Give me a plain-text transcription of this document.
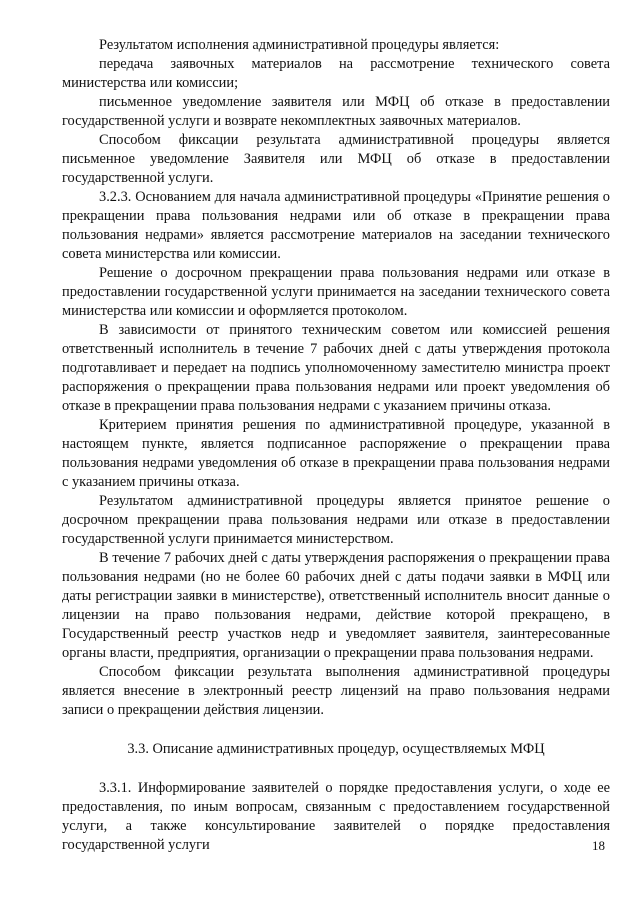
Результатом исполнения административной процедуры является:

передача заявочных материалов на рассмотрение технического совета министерства или комиссии;

письменное уведомление заявителя или МФЦ об отказе в предоставлении государственной услуги и возврате некомплектных заявочных материалов.

Способом фиксации результата административной процедуры является письменное уведомление Заявителя или МФЦ об отказе в предоставлении государственной услуги.

3.2.3. Основанием для начала административной процедуры «Принятие решения о прекращении права пользования недрами или об отказе в прекращении права пользования недрами» является рассмотрение материалов на заседании технического совета министерства или комиссии.

Решение о досрочном прекращении права пользования недрами или отказе в предоставлении государственной услуги принимается на заседании технического совета министерства или комиссии и оформляется протоколом.

В зависимости от принятого техническим советом или комиссией решения ответственный исполнитель в течение 7 рабочих дней с даты утверждения протокола подготавливает и передает на подпись уполномоченному заместителю министра проект распоряжения о прекращении права пользования недрами или проект уведомления об отказе в прекращении права пользования недрами с указанием причины отказа.

Критерием принятия решения по административной процедуре, указанной в настоящем пункте, является подписанное распоряжение о прекращении права пользования недрами уведомления об отказе в прекращении права пользования недрами с указанием причины отказа.

Результатом административной процедуры является принятое решение о досрочном прекращении права пользования недрами или отказе в предоставлении государственной услуги принимается министерством.

В течение 7 рабочих дней с даты утверждения распоряжения о прекращении права пользования недрами (но не более 60 рабочих дней с даты подачи заявки в МФЦ или даты регистрации заявки в министерстве), ответственный исполнитель вносит данные о лицензии на право пользования недрами, действие которой прекращено, в Государственный реестр участков недр и уведомляет заявителя, заинтересованные органы власти, предприятия, организации о прекращении права пользования недрами.

Способом фиксации результата выполнения административной процедуры является внесение в электронный реестр лицензий на право пользования недрами записи о прекращении действия лицензии.

3.3. Описание административных процедур, осуществляемых МФЦ

3.3.1. Информирование заявителей о порядке предоставления услуги, о ходе ее предоставления, по иным вопросам, связанным с предоставлением государственной услуги, а также консультирование заявителей о порядке предоставления государственной услуги	18
